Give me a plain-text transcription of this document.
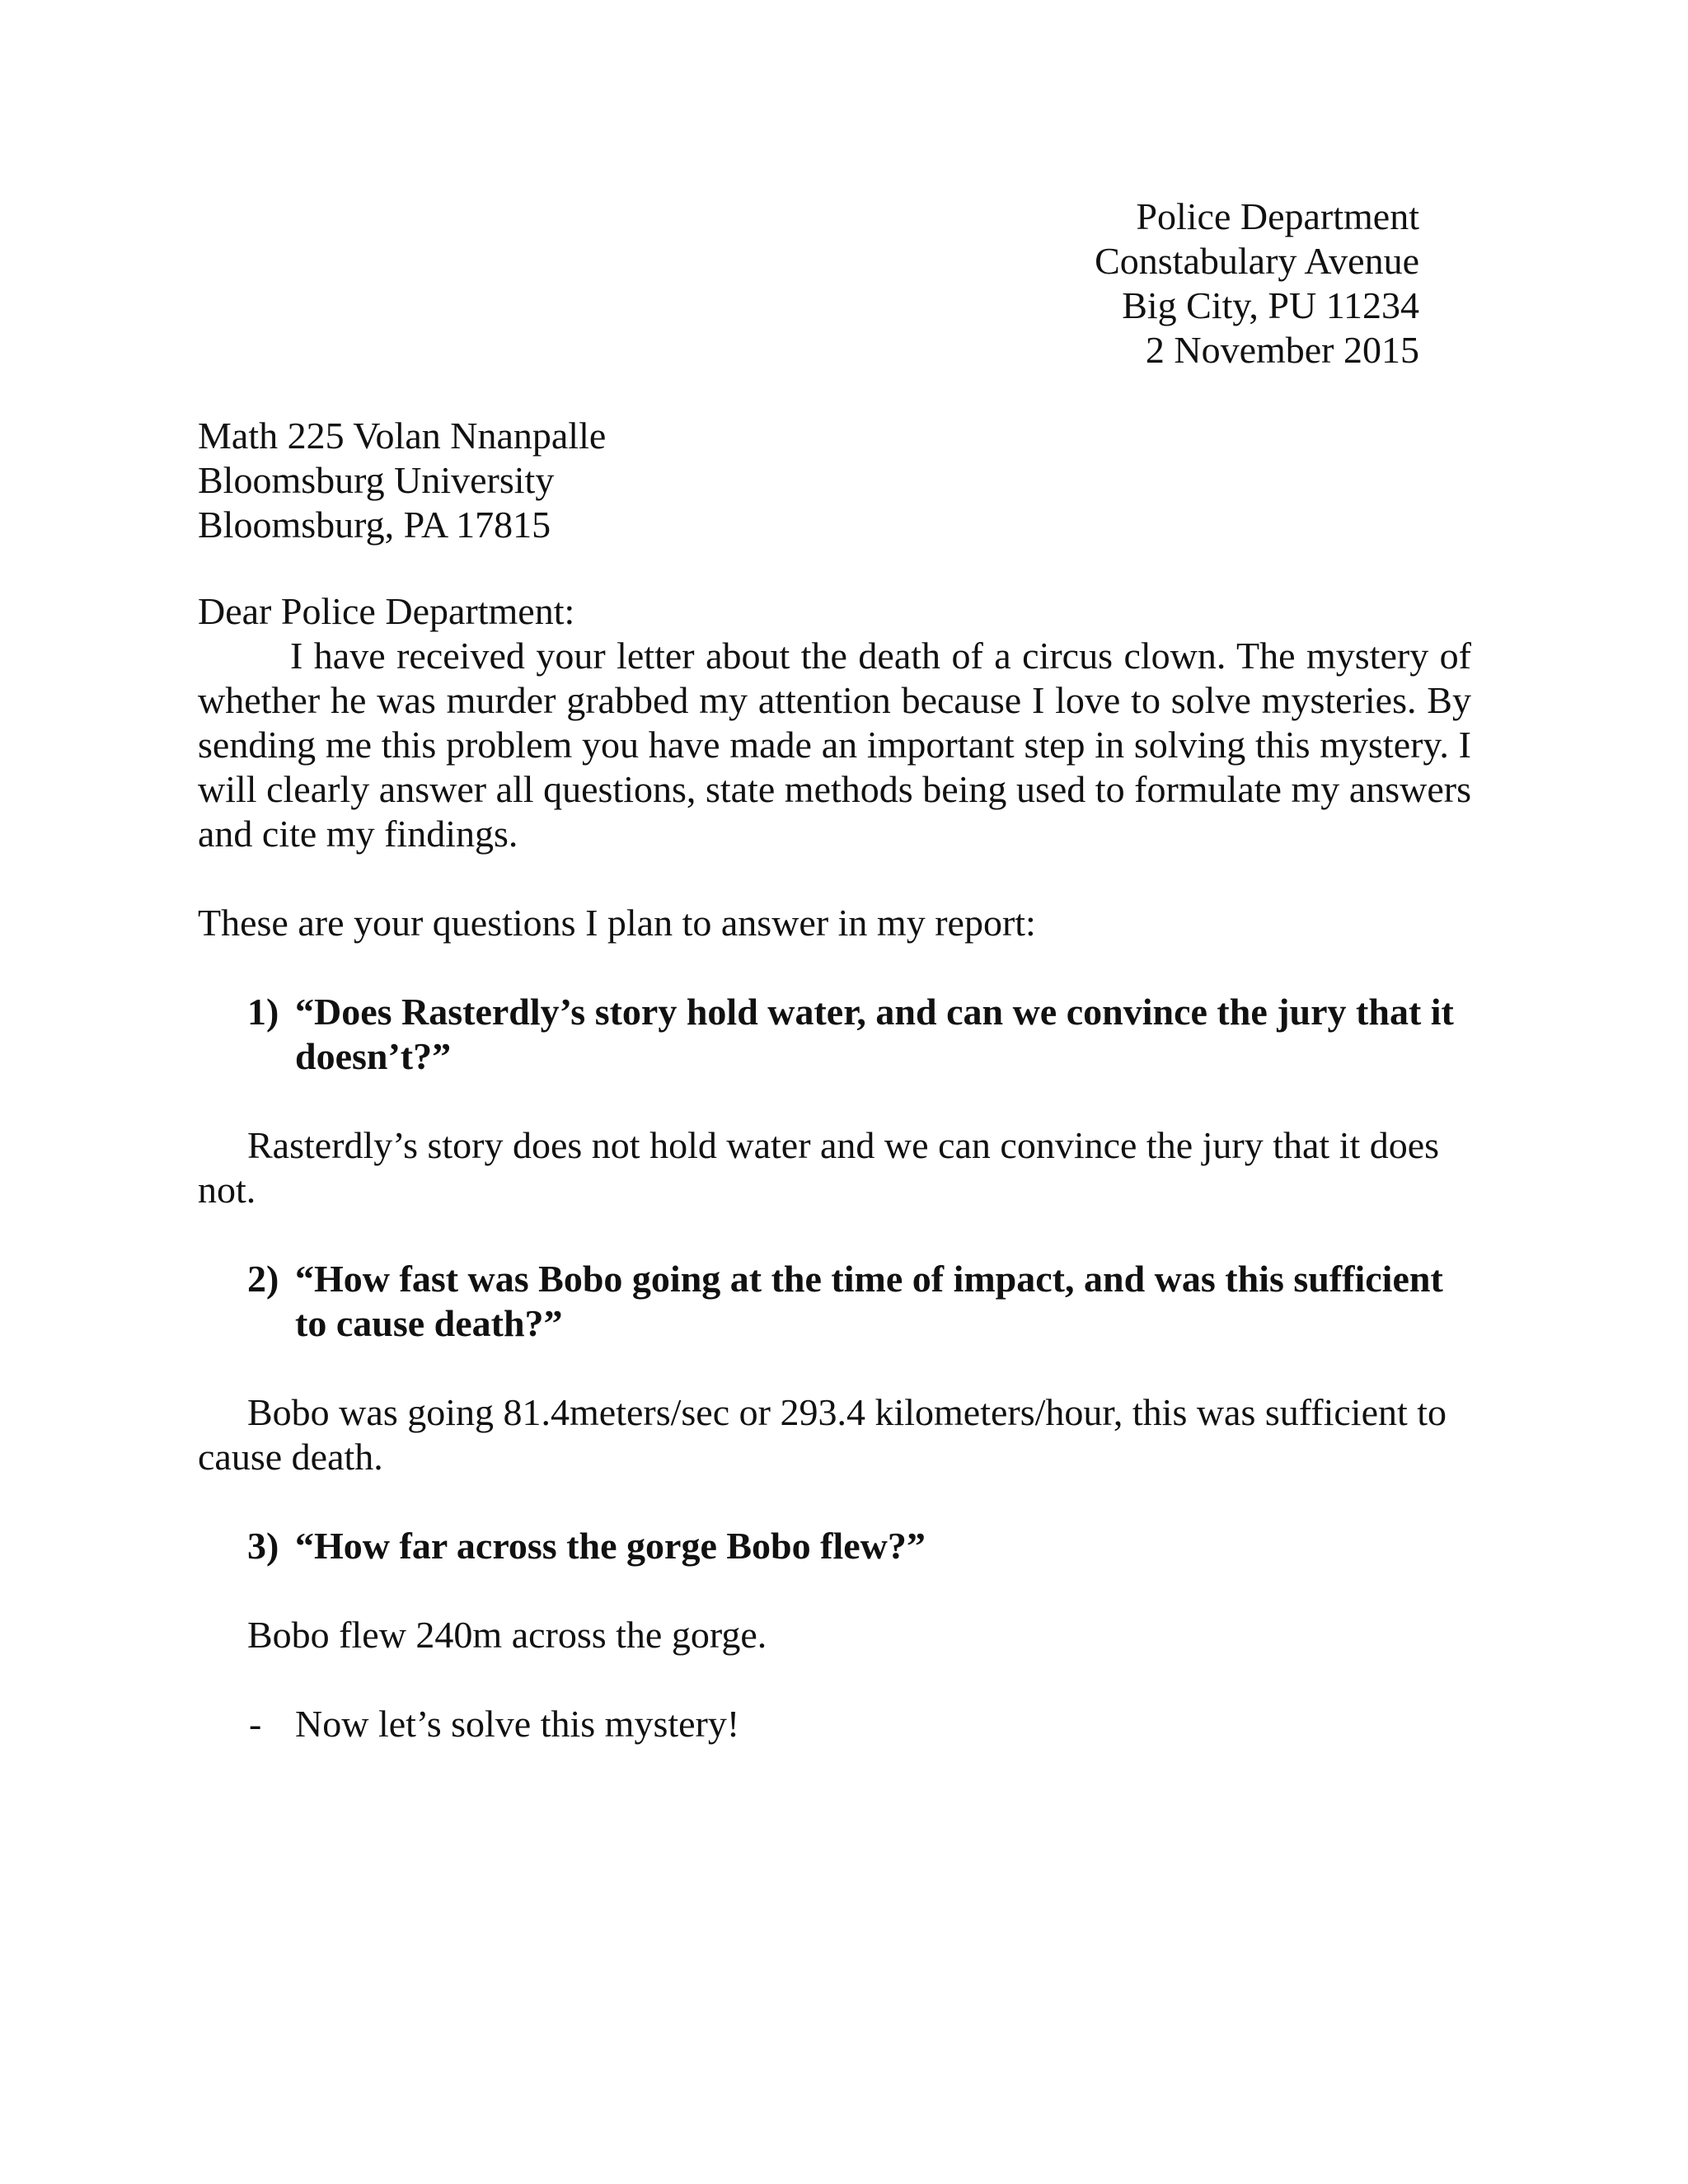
Police Department
Constabulary Avenue
Big City, PU 11234
2 November 2015
Math 225 Volan Nnanpalle
Bloomsburg University
Bloomsburg, PA 17815

Dear Police Department:

I have received your letter about the death of a circus clown. The mystery of whether he was murder grabbed my attention because I love to solve mysteries. By sending me this problem you have made an important step in solving this mystery. I will clearly answer all questions, state methods being used to formulate my answers and cite my findings.

These are your questions I plan to answer in my report:

1) “Does Rasterdly’s story hold water, and can we convince the jury that it doesn’t?”

Rasterdly’s story does not hold water and we can convince the jury that it does not.

2) “How fast was Bobo going at the time of impact, and was this sufficient to cause death?”

Bobo was going 81.4meters/sec or 293.4 kilometers/hour, this was sufficient to cause death.

3) “How far across the gorge Bobo flew?”

Bobo flew 240m across the gorge.

- Now let’s solve this mystery!
